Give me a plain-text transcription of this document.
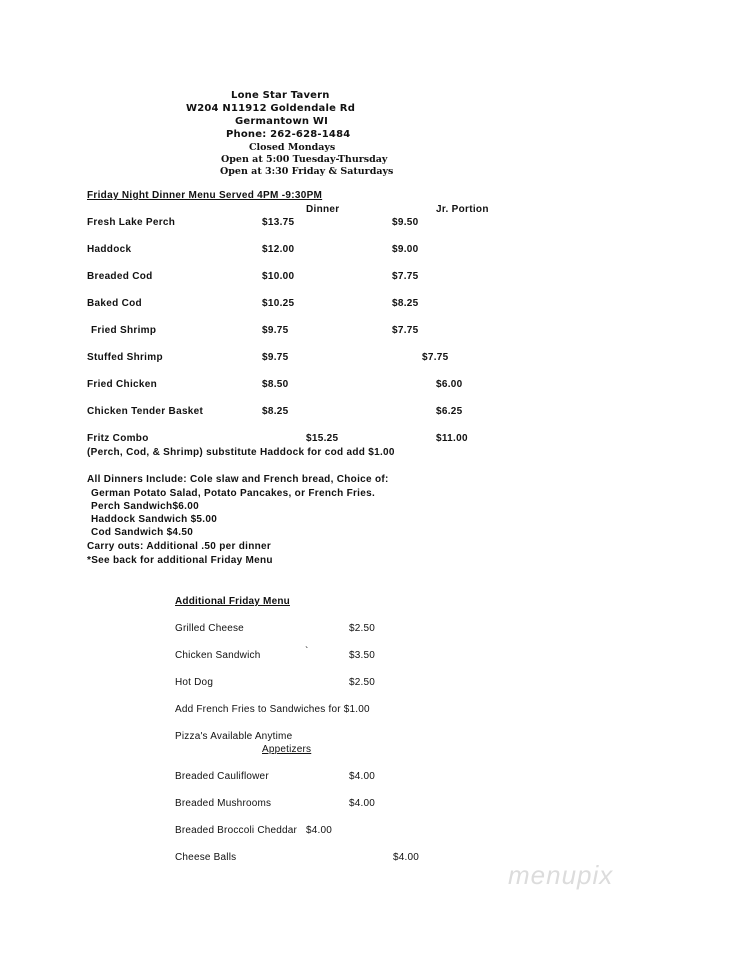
Lone Star Tavern
W204 N11912 Goldendale Rd
Germantown WI
Phone: 262-628-1484
Closed Mondays
Open at 5:00 Tuesday-Thursday
Open at 3:30 Friday & Saturdays
Friday Night Dinner Menu Served 4PM -9:30PM
Dinner	Jr. Portion
Fresh Lake Perch	$13.75	$9.50
Haddock	$12.00	$9.00
Breaded Cod	$10.00	$7.75
Baked Cod	$10.25	$8.25
Fried Shrimp	$9.75	$7.75
Stuffed Shrimp	$9.75	$7.75
Fried Chicken	$8.50	$6.00
Chicken Tender Basket	$8.25	$6.25
Fritz Combo	$15.25	$11.00
(Perch, Cod, & Shrimp) substitute Haddock for cod add $1.00
All Dinners Include: Cole slaw and French bread, Choice of:
German Potato Salad, Potato Pancakes, or French Fries.
Perch Sandwich$6.00
Haddock Sandwich $5.00
Cod Sandwich $4.50
Carry outs: Additional .50 per dinner
*See back for additional Friday Menu
Additional Friday Menu
Grilled Cheese	$2.50
Chicken Sandwich	`	$3.50
Hot Dog	$2.50
Add French Fries to Sandwiches for $1.00
Pizza's Available Anytime
Appetizers
Breaded Cauliflower	$4.00
Breaded Mushrooms	$4.00
Breaded Broccoli Cheddar $4.00
Cheese Balls	$4.00
menupix
